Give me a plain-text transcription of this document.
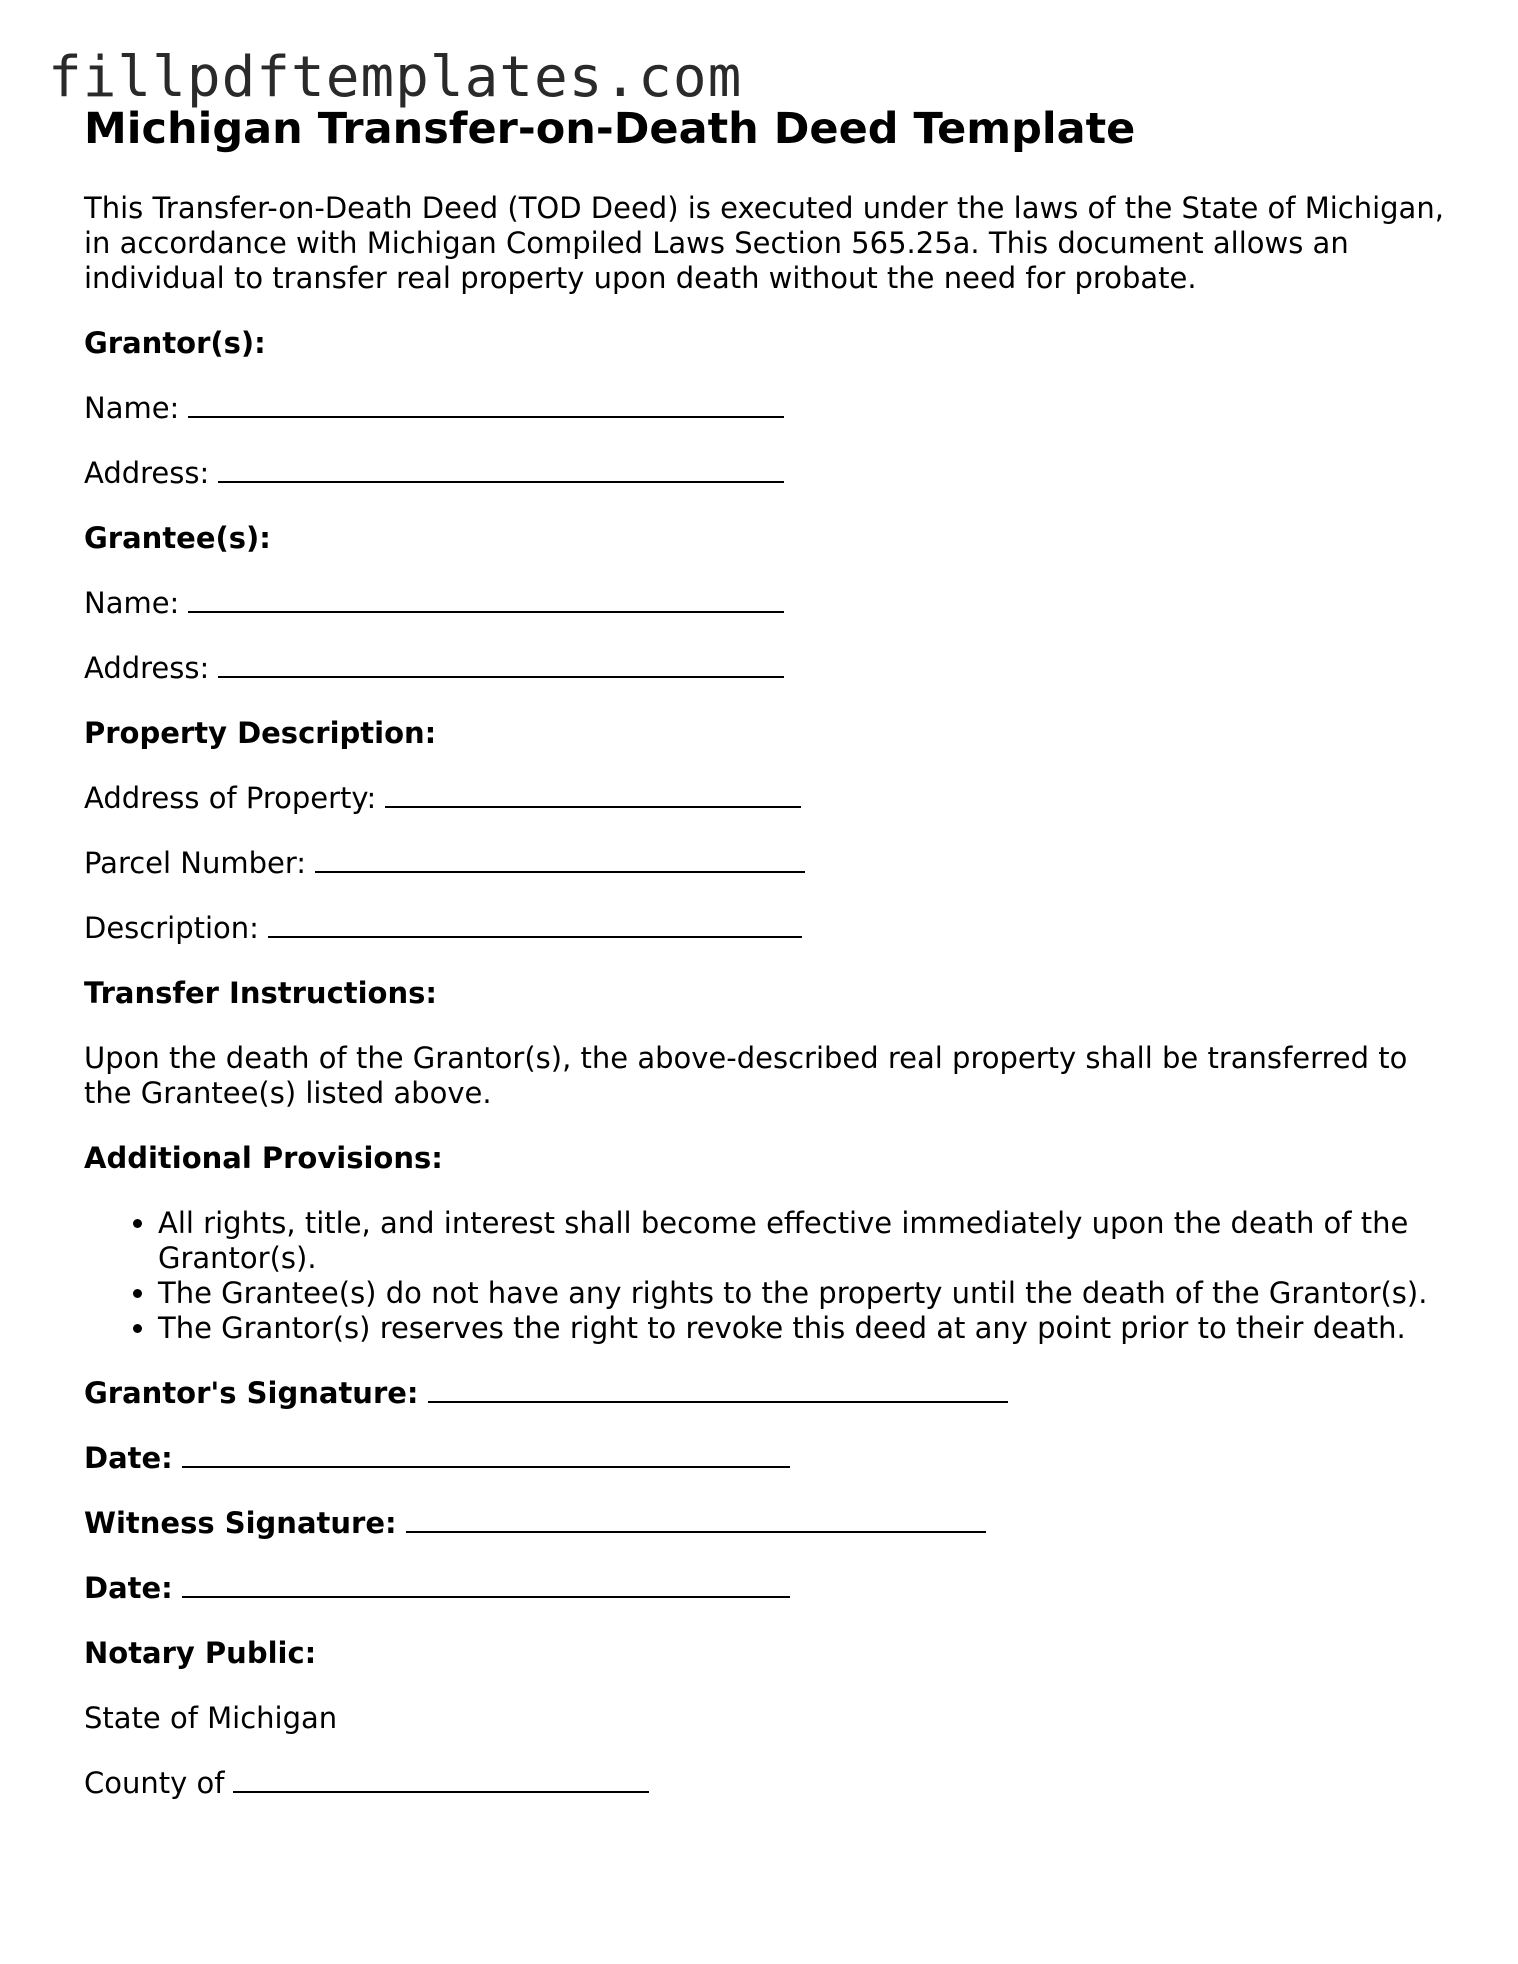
fillpdftemplates.com
Michigan Transfer-on-Death Deed Template

This Transfer-on-Death Deed (TOD Deed) is executed under the laws of the State of Michigan, in accordance with Michigan Compiled Laws Section 565.25a. This document allows an individual to transfer real property upon death without the need for probate.

Grantor(s):

Name:

Address:

Grantee(s):

Name:

Address:

Property Description:

Address of Property:

Parcel Number:

Description:

Transfer Instructions:

Upon the death of the Grantor(s), the above-described real property shall be transferred to the Grantee(s) listed above.

Additional Provisions:

• All rights, title, and interest shall become effective immediately upon the death of the Grantor(s).
• The Grantee(s) do not have any rights to the property until the death of the Grantor(s).
• The Grantor(s) reserves the right to revoke this deed at any point prior to their death.

Grantor's Signature:

Date:

Witness Signature:

Date:

Notary Public:

State of Michigan

County of
